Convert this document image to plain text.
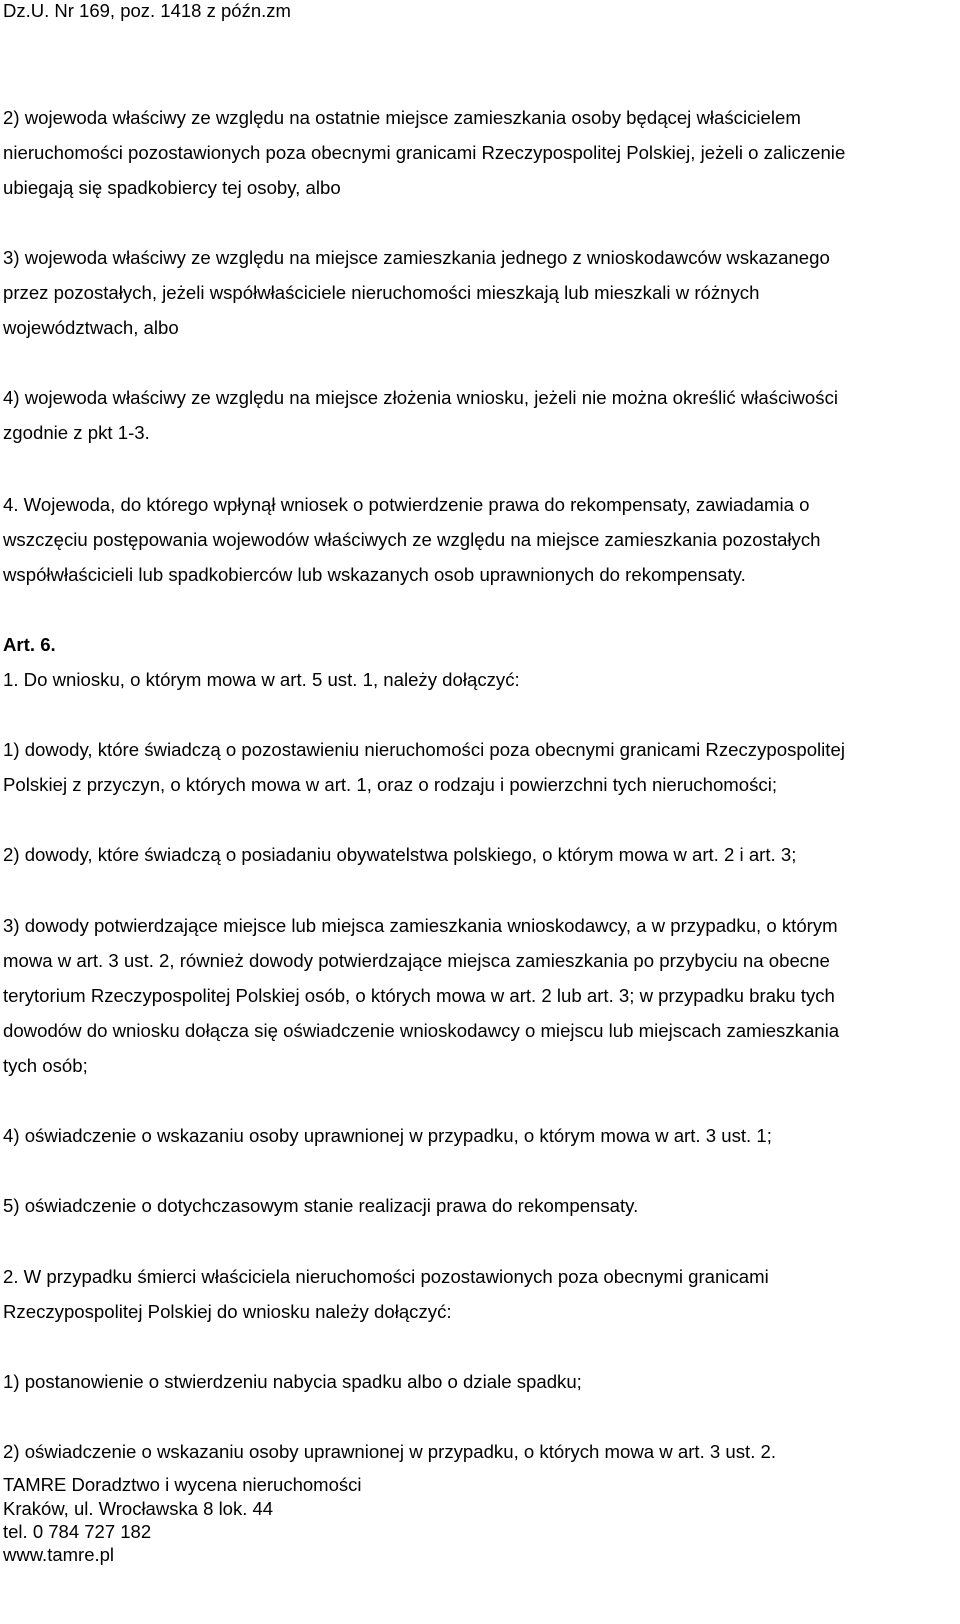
Dz.U. Nr 169, poz. 1418 z późn.zm
2) wojewoda właściwy ze względu na ostatnie miejsce zamieszkania osoby będącej właścicielem
nieruchomości pozostawionych poza obecnymi granicami Rzeczypospolitej Polskiej, jeżeli o zaliczenie
ubiegają się spadkobiercy tej osoby, albo
3) wojewoda właściwy ze względu na miejsce zamieszkania jednego z wnioskodawców wskazanego
przez pozostałych, jeżeli współwłaściciele nieruchomości mieszkają lub mieszkali w różnych
województwach, albo
4) wojewoda właściwy ze względu na miejsce złożenia wniosku, jeżeli nie można określić właściwości
zgodnie z pkt 1-3.
4. Wojewoda, do którego wpłynął wniosek o potwierdzenie prawa do rekompensaty, zawiadamia o
wszczęciu postępowania wojewodów właściwych ze względu na miejsce zamieszkania pozostałych
współwłaścicieli lub spadkobierców lub wskazanych osob uprawnionych do rekompensaty.
Art. 6.
1. Do wniosku, o którym mowa w art. 5 ust. 1, należy dołączyć:
1) dowody, które świadczą o pozostawieniu nieruchomości poza obecnymi granicami Rzeczypospolitej
Polskiej z przyczyn, o których mowa w art. 1, oraz o rodzaju i powierzchni tych nieruchomości;
2) dowody, które świadczą o posiadaniu obywatelstwa polskiego, o którym mowa w art. 2 i art. 3;
3) dowody potwierdzające miejsce lub miejsca zamieszkania wnioskodawcy, a w przypadku, o którym
mowa w art. 3 ust. 2, również dowody potwierdzające miejsca zamieszkania po przybyciu na obecne
terytorium Rzeczypospolitej Polskiej osób, o których mowa w art. 2 lub art. 3; w przypadku braku tych
dowodów do wniosku dołącza się oświadczenie wnioskodawcy o miejscu lub miejscach zamieszkania
tych osób;
4) oświadczenie o wskazaniu osoby uprawnionej w przypadku, o którym mowa w art. 3 ust. 1;
5) oświadczenie o dotychczasowym stanie realizacji prawa do rekompensaty.
2. W przypadku śmierci właściciela nieruchomości pozostawionych poza obecnymi granicami
Rzeczypospolitej Polskiej do wniosku należy dołączyć:
1) postanowienie o stwierdzeniu nabycia spadku albo o dziale spadku;
2) oświadczenie o wskazaniu osoby uprawnionej w przypadku, o których mowa w art. 3 ust. 2.
TAMRE Doradztwo i wycena nieruchomości
Kraków, ul. Wrocławska 8 lok. 44
tel. 0 784 727 182
www.tamre.pl
